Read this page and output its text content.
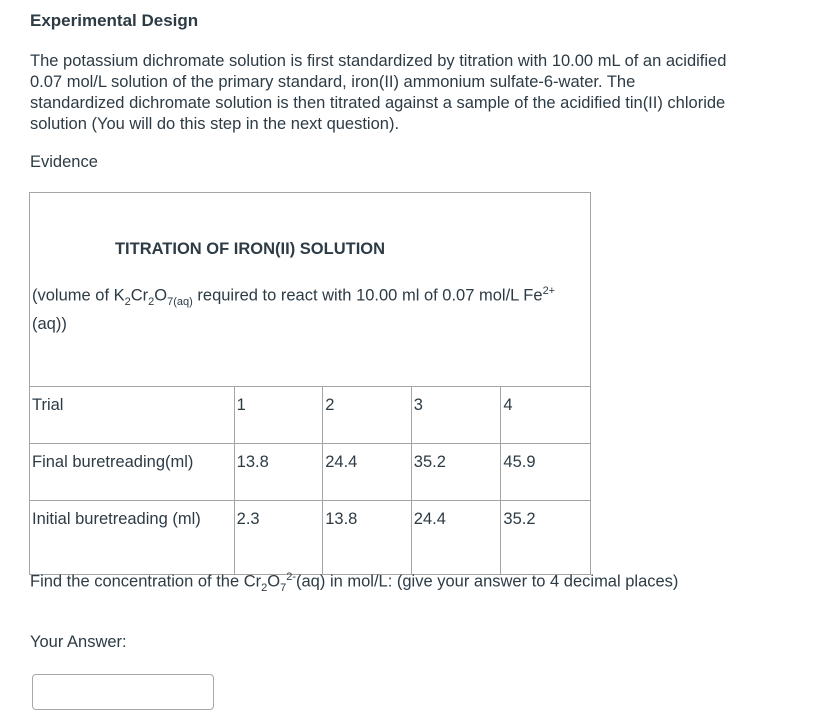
Experimental Design

The potassium dichromate solution is first standardized by titration with 10.00 mL of an acidified 0.07 mol/L solution of the primary standard, iron(II) ammonium sulfate-6-water. The standardized dichromate solution is then titrated against a sample of the acidified tin(II) chloride solution (You will do this step in the next question).

Evidence

TITRATION OF IRON(II) SOLUTION
(volume of $K_2Cr_2O_{7(aq)}$ required to react with 10.00 ml of 0.07 mol/L $Fe^{2+}(aq)$)				

Trial	1	2	3	4
Final buretreading(ml)	13.8	24.4	35.2	45.9
Initial buretreading (ml)	2.3	13.8	24.4	35.2

Find the concentration of the $Cr_2O_7^{2-}(aq)$ in mol/L: (give your answer to 4 decimal places)

Your Answer:
